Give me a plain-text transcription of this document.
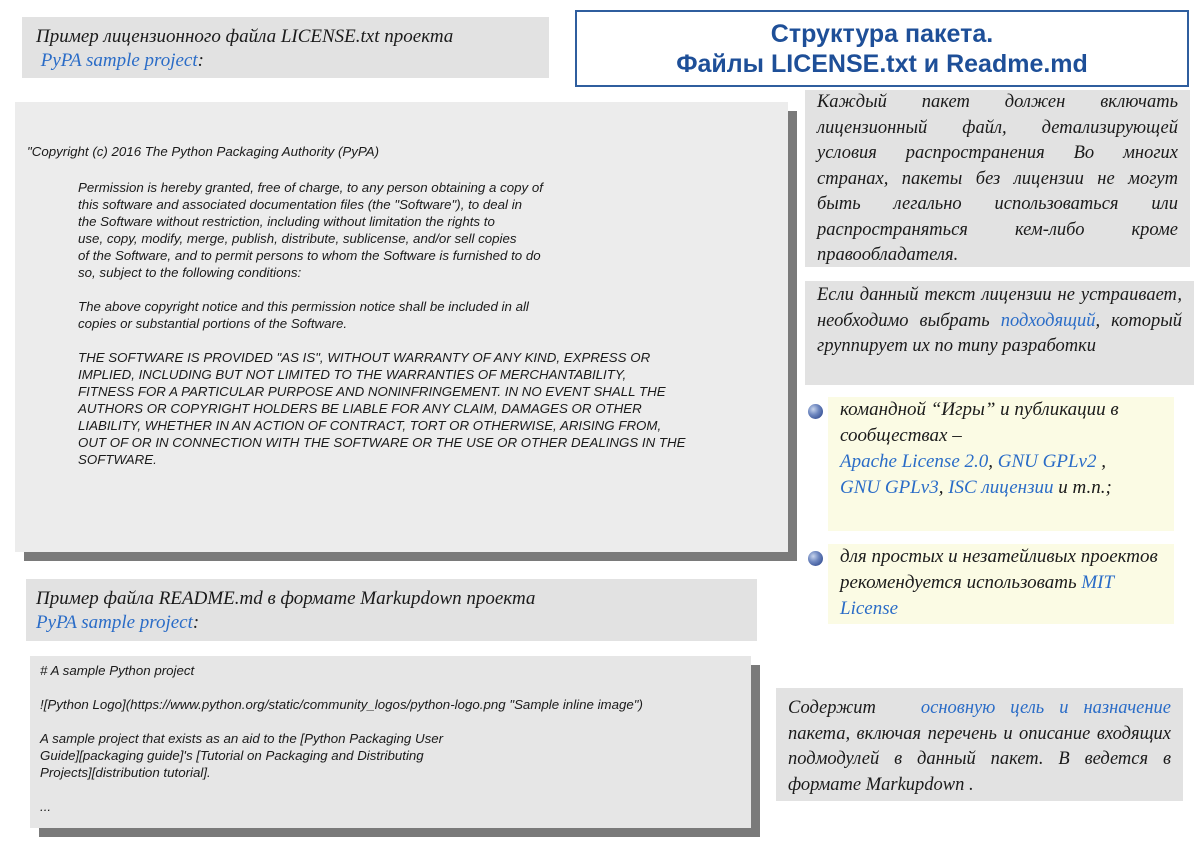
Структура пакета.
Файлы LICENSE.txt и Readme.md
Пример лицензионного файла LICENSE.txt проекта
PyPA sample project:
"Copyright (c) 2016 The Python Packaging Authority (PyPA)

Permission is hereby granted, free of charge, to any person obtaining a copy of
this software and associated documentation files (the "Software"), to deal in
the Software without restriction, including without limitation the rights to
use, copy, modify, merge, publish, distribute, sublicense, and/or sell copies
of the Software, and to permit persons to whom the Software is furnished to do
so, subject to the following conditions:

The above copyright notice and this permission notice shall be included in all
copies or substantial portions of the Software.

THE SOFTWARE IS PROVIDED "AS IS", WITHOUT WARRANTY OF ANY KIND, EXPRESS OR
IMPLIED, INCLUDING BUT NOT LIMITED TO THE WARRANTIES OF MERCHANTABILITY,
FITNESS FOR A PARTICULAR PURPOSE AND NONINFRINGEMENT. IN NO EVENT SHALL THE
AUTHORS OR COPYRIGHT HOLDERS BE LIABLE FOR ANY CLAIM, DAMAGES OR OTHER
LIABILITY, WHETHER IN AN ACTION OF CONTRACT, TORT OR OTHERWISE, ARISING FROM,
OUT OF OR IN CONNECTION WITH THE SOFTWARE OR THE USE OR OTHER DEALINGS IN THE
SOFTWARE.

Пример файла README.md в формате Markupdown проекта
PyPA sample project:

# A sample Python project

![Python Logo](https://www.python.org/static/community_logos/python-logo.png "Sample inline image")

A sample project that exists as an aid to the [Python Packaging User
Guide][packaging guide]'s [Tutorial on Packaging and Distributing
Projects][distribution tutorial].

...

Каждый пакет должен включать лицензионный файл, детализирующей условия распространения Во многих странах, пакеты без лицензии не могут быть легально использоваться или распространяться кем-либо кроме правообладателя.
Если данный текст лицензии не устраивает, необходимо выбрать подходящий, который группирует их по типу разработки
командной “Игры” и публикации в сообществах –
Apache License 2.0, GNU GPLv2 ,
GNU GPLv3, ISC лицензии и т.п.;
для простых и незатейливых проектов рекомендуется использовать MIT License
Содержит основную цель и назначение пакета, включая перечень и описание входящих подмодулей в данный пакет. В ведется в формате Markupdown .
